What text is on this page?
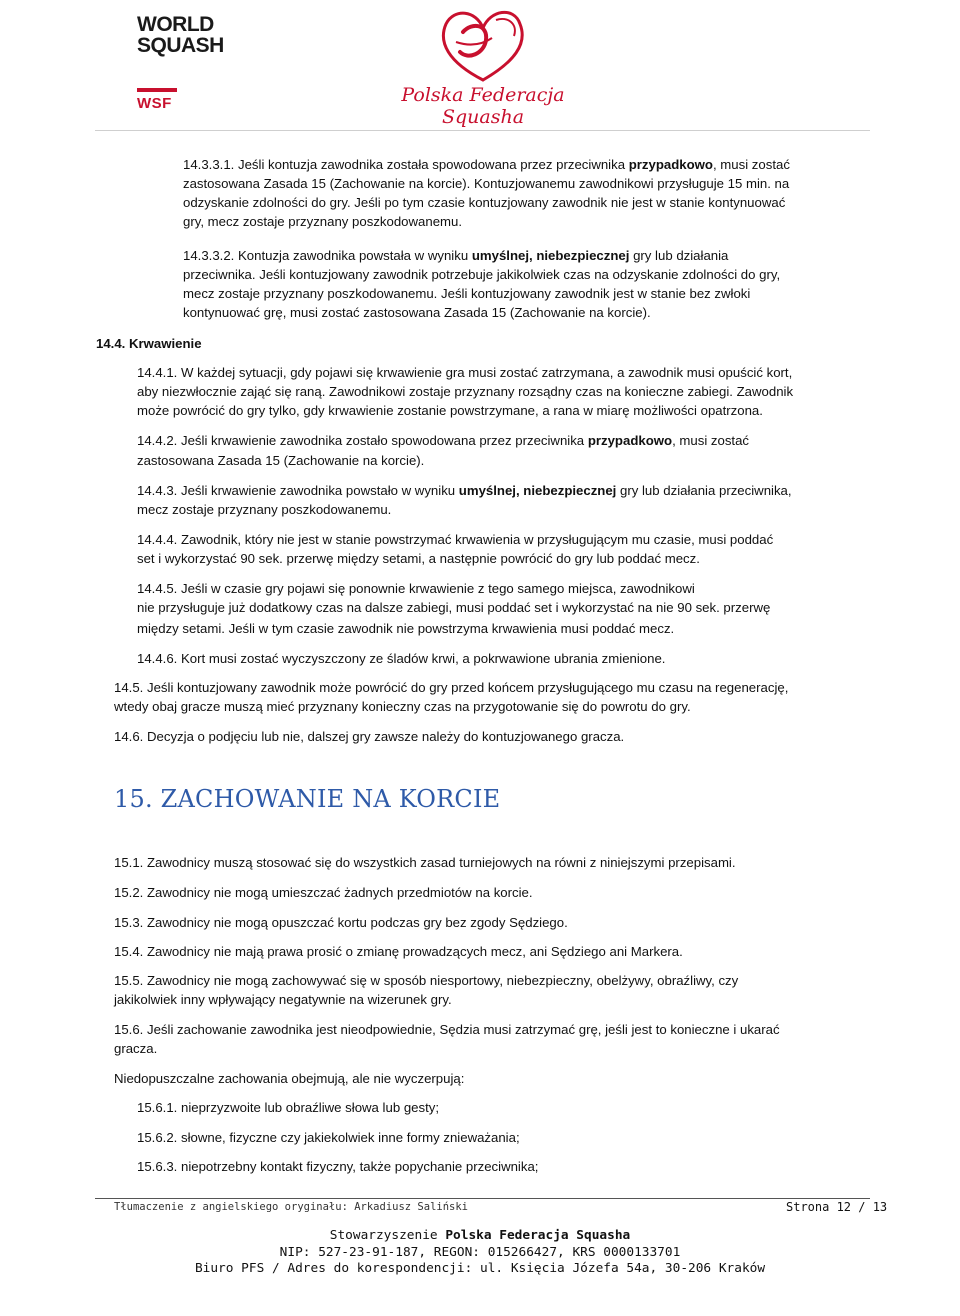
WORLD
SQUASH
WSF	Polska Federacja Squasha
14.3.3.1. Jeśli kontuzja zawodnika została spowodowana przez przeciwnika przypadkowo, musi zostać
zastosowana Zasada 15 (Zachowanie na korcie). Kontuzjowanemu zawodnikowi przysługuje 15 min. na
odzyskanie zdolności do gry. Jeśli po tym czasie kontuzjowany zawodnik nie jest w stanie kontynuować
gry, mecz zostaje przyznany poszkodowanemu.
14.3.3.2. Kontuzja zawodnika powstała w wyniku umyślnej, niebezpiecznej gry lub działania
przeciwnika. Jeśli kontuzjowany zawodnik potrzebuje jakikolwiek czas na odzyskanie zdolności do gry,
mecz zostaje przyznany poszkodowanemu. Jeśli kontuzjowany zawodnik jest w stanie bez zwłoki
kontynuować grę, musi zostać zastosowana Zasada 15 (Zachowanie na korcie).
14.4. Krwawienie
14.4.1. W każdej sytuacji, gdy pojawi się krwawienie gra musi zostać zatrzymana, a zawodnik musi opuścić kort,
aby niezwłocznie zająć się raną. Zawodnikowi zostaje przyznany rozsądny czas na konieczne zabiegi. Zawodnik
może powrócić do gry tylko, gdy krwawienie zostanie powstrzymane, a rana w miarę możliwości opatrzona.
14.4.2. Jeśli krwawienie zawodnika zostało spowodowana przez przeciwnika przypadkowo, musi zostać
zastosowana Zasada 15 (Zachowanie na korcie).
14.4.3. Jeśli krwawienie zawodnika powstało w wyniku umyślnej, niebezpiecznej gry lub działania przeciwnika,
mecz zostaje przyznany poszkodowanemu.
14.4.4. Zawodnik, który nie jest w stanie powstrzymać krwawienia w przysługującym mu czasie, musi poddać
set i wykorzystać 90 sek. przerwę między setami, a następnie powrócić do gry lub poddać mecz.
14.4.5. Jeśli w czasie gry pojawi się ponownie krwawienie z tego samego miejsca, zawodnikowi
nie przysługuje już dodatkowy czas na dalsze zabiegi, musi poddać set i wykorzystać na nie 90 sek. przerwę
między setami. Jeśli w tym czasie zawodnik nie powstrzyma krwawienia musi poddać mecz.
14.4.6. Kort musi zostać wyczyszczony ze śladów krwi, a pokrwawione ubrania zmienione.
14.5. Jeśli kontuzjowany zawodnik może powrócić do gry przed końcem przysługującego mu czasu na regenerację,
wtedy obaj gracze muszą mieć przyznany konieczny czas na przygotowanie się do powrotu do gry.
14.6. Decyzja o podjęciu lub nie, dalszej gry zawsze należy do kontuzjowanego gracza.
15. ZACHOWANIE NA KORCIE
15.1. Zawodnicy muszą stosować się do wszystkich zasad turniejowych na równi z niniejszymi przepisami.
15.2. Zawodnicy nie mogą umieszczać żadnych przedmiotów na korcie.
15.3. Zawodnicy nie mogą opuszczać kortu podczas gry bez zgody Sędziego.
15.4. Zawodnicy nie mają prawa prosić o zmianę prowadzących mecz, ani Sędziego ani Markera.
15.5. Zawodnicy nie mogą zachowywać się w sposób niesportowy, niebezpieczny, obelżywy, obraźliwy, czy
jakikolwiek inny wpływający negatywnie na wizerunek gry.
15.6. Jeśli zachowanie zawodnika jest nieodpowiednie, Sędzia musi zatrzymać grę, jeśli jest to konieczne i ukarać
gracza.
Niedopuszczalne zachowania obejmują, ale nie wyczerpują:
15.6.1. nieprzyzwoite lub obraźliwe słowa lub gesty;
15.6.2. słowne, fizyczne czy jakiekolwiek inne formy znieważania;
15.6.3. niepotrzebny kontakt fizyczny, także popychanie przeciwnika;
Tłumaczenie z angielskiego oryginału: Arkadiusz Saliński	Strona 12 / 13
Stowarzyszenie Polska Federacja Squasha
NIP: 527-23-91-187, REGON: 015266427, KRS 0000133701
Biuro PFS / Adres do korespondencji: ul. Księcia Józefa 54a, 30-206 Kraków
